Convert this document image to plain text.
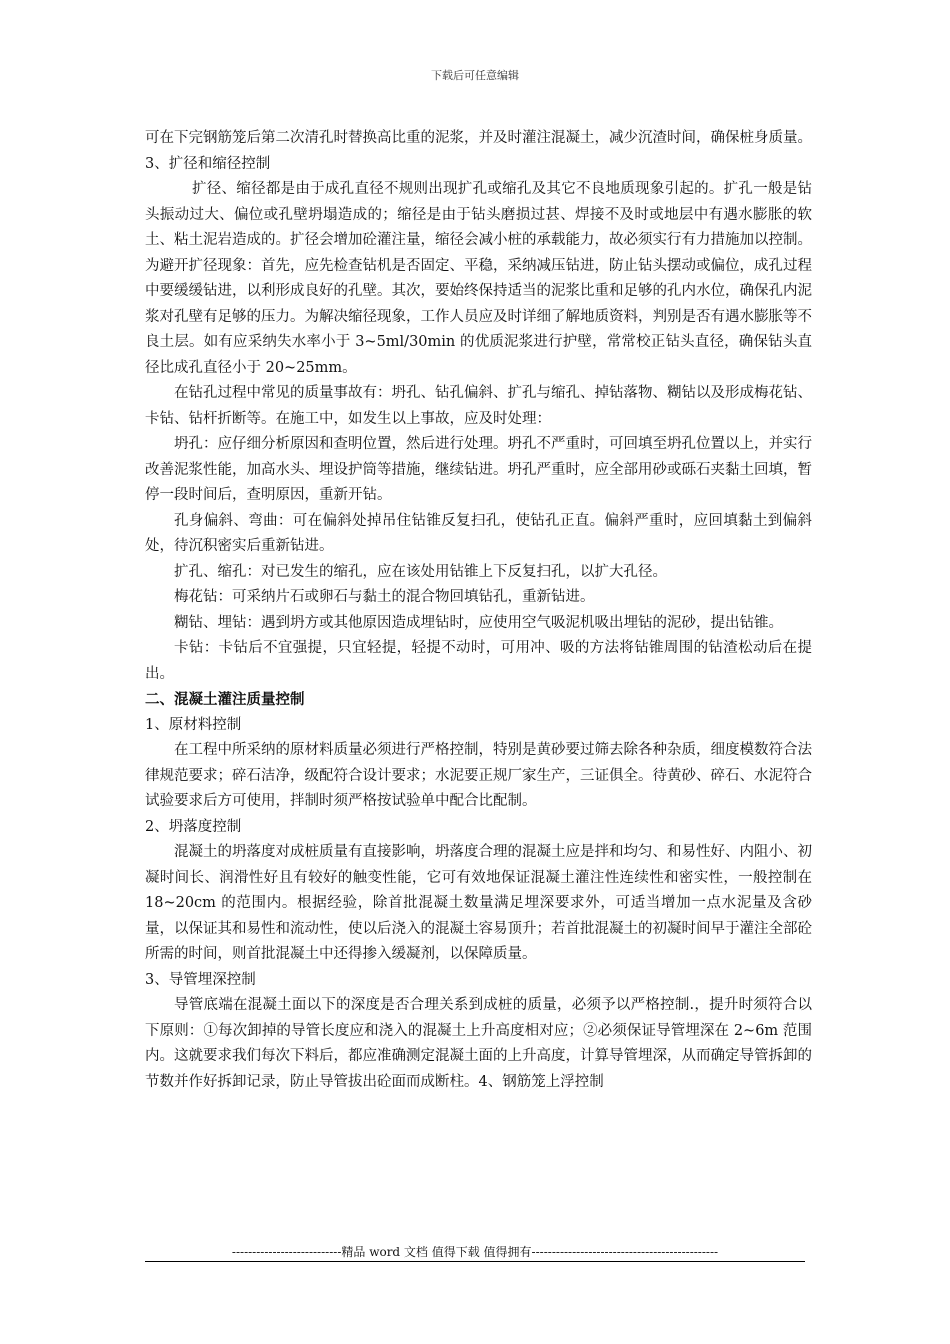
下载后可任意编辑

可在下完钢筋笼后第二次清孔时替换高比重的泥浆，并及时灌注混凝土，减少沉渣时间，确保桩身质量。

3、扩径和缩径控制

扩径、缩径都是由于成孔直径不规则出现扩孔或缩孔及其它不良地质现象引起的。扩孔一般是钻头振动过大、偏位或孔壁坍塌造成的；缩径是由于钻头磨损过甚、焊接不及时或地层中有遇水膨胀的软土、粘土泥岩造成的。扩径会增加砼灌注量，缩径会减小桩的承载能力，故必须实行有力措施加以控制。为避开扩径现象：首先，应先检查钻机是否固定、平稳，采纳减压钻进，防止钻头摆动或偏位，成孔过程中要缓缓钻进，以利形成良好的孔壁。其次，要始终保持适当的泥浆比重和足够的孔内水位，确保孔内泥浆对孔壁有足够的压力。为解决缩径现象，工作人员应及时详细了解地质资料，判别是否有遇水膨胀等不良土层。如有应采纳失水率小于 3~5ml/30min 的优质泥浆进行护壁，常常校正钻头直径，确保钻头直径比成孔直径小于 20~25mm。

在钻孔过程中常见的质量事故有：坍孔、钻孔偏斜、扩孔与缩孔、掉钻落物、糊钻以及形成梅花钻、卡钻、钻杆折断等。在施工中，如发生以上事故，应及时处理：

坍孔：应仔细分析原因和查明位置，然后进行处理。坍孔不严重时，可回填至坍孔位置以上，并实行改善泥浆性能，加高水头、埋设护筒等措施，继续钻进。坍孔严重时，应全部用砂或砾石夹黏土回填，暂停一段时间后，查明原因，重新开钻。

孔身偏斜、弯曲：可在偏斜处掉吊住钻锥反复扫孔，使钻孔正直。偏斜严重时，应回填黏土到偏斜处，待沉积密实后重新钻进。

扩孔、缩孔：对已发生的缩孔，应在该处用钻锥上下反复扫孔，以扩大孔径。

梅花钻：可采纳片石或卵石与黏土的混合物回填钻孔，重新钻进。

糊钻、埋钻：遇到坍方或其他原因造成埋钻时，应使用空气吸泥机吸出埋钻的泥砂，提出钻锥。

卡钻：卡钻后不宜强提，只宜轻提，轻提不动时，可用冲、吸的方法将钻锥周围的钻渣松动后在提出。

二、混凝土灌注质量控制

1、原材料控制

在工程中所采纳的原材料质量必须进行严格控制，特别是黄砂要过筛去除各种杂质，细度模数符合法律规范要求；碎石洁净，级配符合设计要求；水泥要正规厂家生产，三证俱全。待黄砂、碎石、水泥符合试验要求后方可使用，拌制时须严格按试验单中配合比配制。

2、坍落度控制

混凝土的坍落度对成桩质量有直接影响，坍落度合理的混凝土应是拌和均匀、和易性好、内阻小、初凝时间长、润滑性好且有较好的触变性能，它可有效地保证混凝土灌注性连续性和密实性，一般控制在 18~20cm 的范围内。根据经验，除首批混凝土数量满足埋深要求外，可适当增加一点水泥量及含砂量，以保证其和易性和流动性，使以后浇入的混凝土容易顶升；若首批混凝土的初凝时间早于灌注全部砼所需的时间，则首批混凝土中还得掺入缓凝剂，以保障质量。

3、导管埋深控制

导管底端在混凝土面以下的深度是否合理关系到成桩的质量，必须予以严格控制.，提升时须符合以下原则：①每次卸掉的导管长度应和浇入的混凝土上升高度相对应；②必须保证导管埋深在 2~6m 范围内。这就要求我们每次下料后，都应准确测定混凝土面的上升高度，计算导管埋深，从而确定导管拆卸的节数并作好拆卸记录，防止导管拔出砼面而成断柱。4、钢筋笼上浮控制

---------------------------精品 word 文档 值得下载 值得拥有----------------------------------------------
